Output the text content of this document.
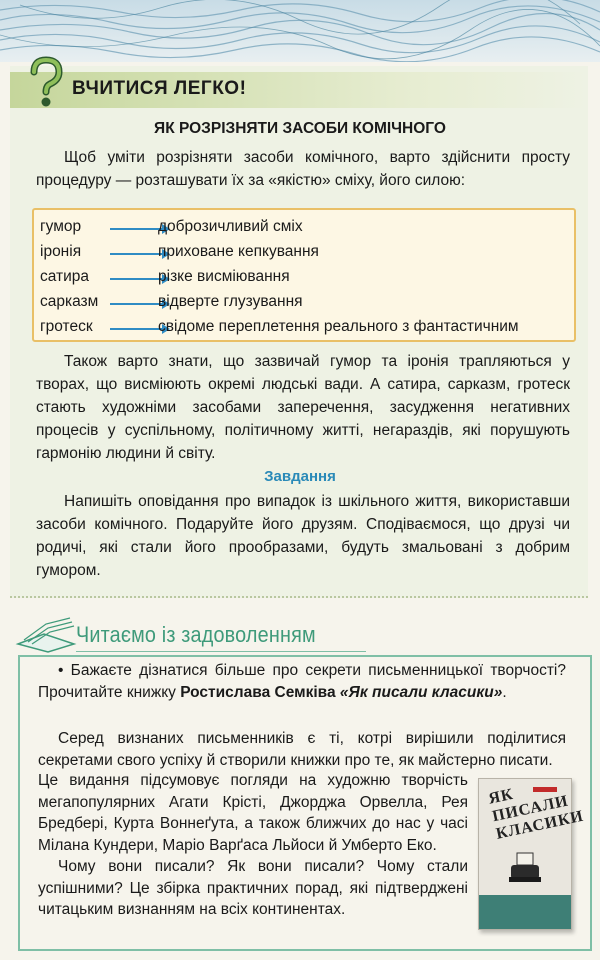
ВЧИТИСЯ ЛЕГКО!
ЯК РОЗРІЗНЯТИ ЗАСОБИ КОМІЧНОГО
Щоб уміти розрізняти засоби комічного, варто здійснити просту процедуру — розташувати їх за «якістю» сміху, його силою:
гумор	доброзичливий сміх
іронія	приховане кепкування
сатира	різке висміювання
сарказм	відверте глузування
гротеск	свідоме переплетення реального з фантастичним
Також варто знати, що зазвичай гумор та іронія трапляються у творах, що висміюють окремі людські вади. А сатира, сарказм, гротеск стають художніми засобами заперечення, засудження негативних процесів у суспільному, політичному житті, негараздів, які порушують гармонію людини й світу.
Завдання
Напишіть оповідання про випадок із шкільного життя, використавши засоби комічного. Подаруйте його друзям. Сподіваємося, що друзі чи родичі, які стали його прообразами, будуть змальовані з добрим гумором.
Читаємо із задоволенням
• Бажаєте дізнатися більше про секрети письменницької творчості? Прочитайте книжку Ростислава Семківа «Як писали класики».
Серед визнаних письменників є ті, котрі вирішили поділитися секретами свого успіху й створили книжки про те, як майстерно писати.
Це видання підсумовує погляди на художню творчість мегапопулярних Агати Крісті, Джорджа Орвелла, Рея Бредбері, Курта Воннеґута, а також ближчих до нас у часі Мілана Кундери, Маріо Варґаса Льйоси й Умберто Еко.
Чому вони писали? Як вони писали? Чому стали успішними? Це збірка практичних порад, які підтверджені читацьким визнанням на всіх континентах.
ЯК ПИСАЛИ КЛАСИКИ
